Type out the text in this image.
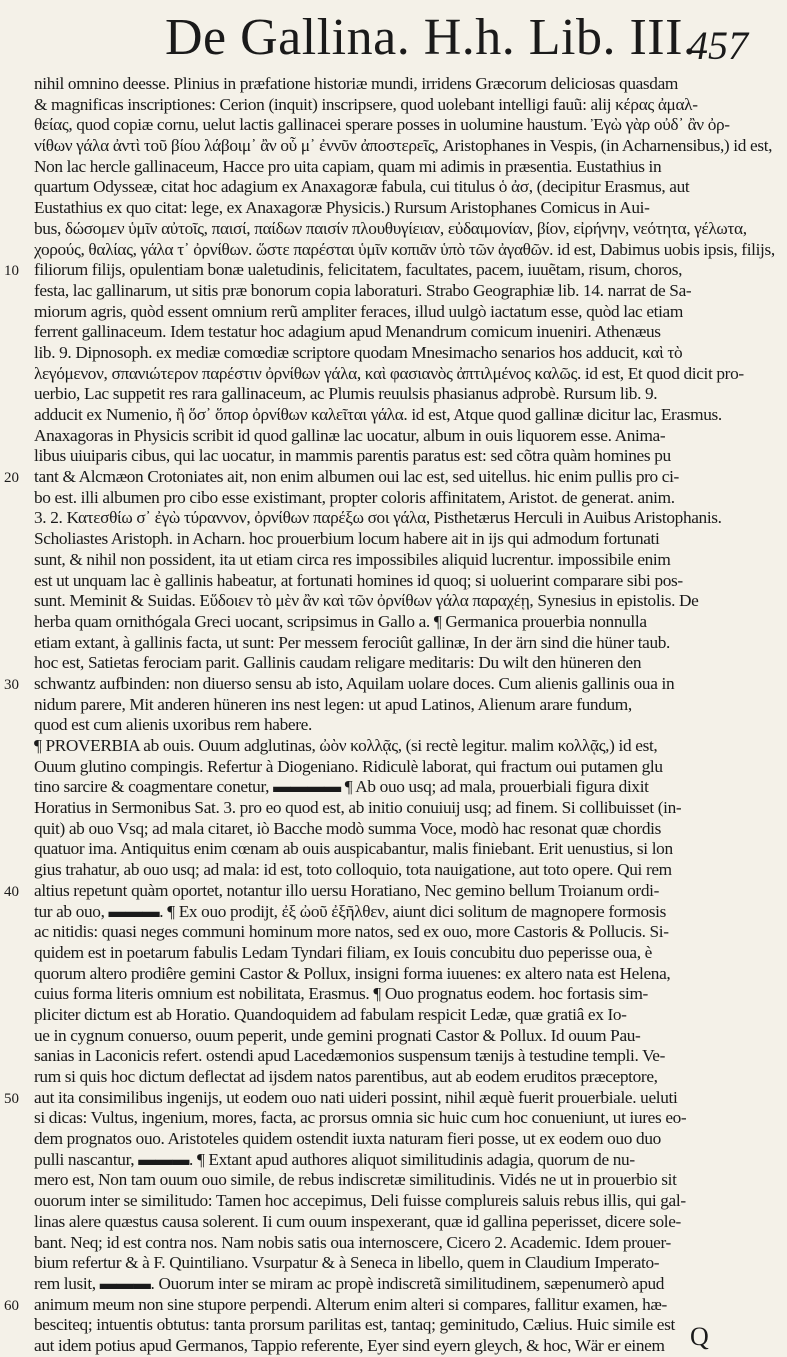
De Gallina. H.h. Lib. III.
457
nihil omnino deesse. Plinius in præfatione historiæ mundi, irridens Græcorum deliciosas quasdam
& magnificas inscriptiones: Cerion (inquit) inscripsere, quod uolebant intelligi fauũ: alij κέρας ἀμαλ-
θείας, quod copiæ cornu, uelut lactis gallinacei sperare posses in uolumine haustum. Ἐγὼ γὰρ οὐδ᾽ ἂν ὀρ-
νίθων γάλα ἀντὶ τοῦ βίου λάβοιμ᾽ ἂν οὗ μ᾽ ἐννῦν ἀποστερεῖς, Aristophanes in Vespis, (in Acharnensibus,) id est,
Non lac hercle gallinaceum, Hacce pro uita capiam, quam mi adimis in præsentia. Eustathius in
quartum Odysseæ, citat hoc adagium ex Anaxagoræ fabula, cui titulus ὁ ἀσ, (decipitur Erasmus, aut
Eustathius ex quo citat: lege, ex Anaxagoræ Physicis.) Rursum Aristophanes Comicus in Aui-
bus, δώσομεν ὑμῖν αὐτοῖς, παισί, παίδων παισίν πλουθυγίειαν, εὐδαιμονίαν, βίον, εἰρήνην, νεότητα, γέλωτα,
χορούς, θαλίας, γάλα τ᾽ ὀρνίθων. ὥστε παρέσται ὑμῖν κοπιᾶν ὑπὸ τῶν ἀγαθῶν. id est, Dabimus uobis ipsis, filijs,
10 filiorum filijs, opulentiam bonæ ualetudinis, felicitatem, facultates, pacem, iuuẽtam, risum, choros,
festa, lac gallinarum, ut sitis præ bonorum copia laboraturi. Strabo Geographiæ lib. 14. narrat de Sa-
miorum agris, quòd essent omnium rerũ ampliter feraces, illud uulgò iactatum esse, quòd lac etiam
ferrent gallinaceum. Idem testatur hoc adagium apud Menandrum comicum inueniri. Athenæus
lib. 9. Dipnosoph. ex mediæ comœdiæ scriptore quodam Mnesimacho senarios hos adducit, καὶ τὸ
λεγόμενον, σπανιώτερον παρέστιν ὀρνίθων γάλα, καὶ φασιανὸς ἀπτιλμένος καλῶς. id est, Et quod dicit pro-
uerbio, Lac suppetit res rara gallinaceum, ac Plumis reuulsis phasianus adprobè. Rursum lib. 9.
adducit ex Numenio, ἢ ὅσ᾽ ὅπορ ὀρνίθων καλεῖται γάλα. id est, Atque quod gallinæ dicitur lac, Erasmus.
Anaxagoras in Physicis scribit id quod gallinæ lac uocatur, album in ouis liquorem esse. Anima-
libus uiuiparis cibus, qui lac uocatur, in mammis parentis paratus est: sed cõtra quàm homines pu
20 tant & Alcmæon Crotoniates ait, non enim albumen oui lac est, sed uitellus. hic enim pullis pro ci-
bo est. illi albumen pro cibo esse existimant, propter coloris affinitatem, Aristot. de generat. anim.
3. 2. Κατεσθίω σ᾽ ἐγὼ τύραννον, ὀρνίθων παρέξω σοι γάλα, Pisthetærus Herculi in Auibus Aristophanis.
Scholiastes Aristoph. in Acharn. hoc prouerbium locum habere ait in ijs qui admodum fortunati
sunt, & nihil non possident, ita ut etiam circa res impossibiles aliquid lucrentur. impossibile enim
est ut unquam lac è gallinis habeatur, at fortunati homines id quoq; si uoluerint comparare sibi pos-
sunt. Meminit & Suidas. Εὕδοιεν τὸ μὲν ἂν καὶ τῶν ὀρνίθων γάλα παραχέῃ, Synesius in epistolis. De
herba quam ornithógala Greci uocant, scripsimus in Gallo a. ¶ Germanica prouerbia nonnulla
etiam extant, à gallinis facta, ut sunt: Per messem ferociût gallinæ, In der ärn sind die hüner taub.
hoc est, Satietas ferociam parit. Gallinis caudam religare meditaris: Du wilt den hüneren den
30 schwantz aufbinden: non diuerso sensu ab isto, Aquilam uolare doces. Cum alienis gallinis oua in
nidum parere, Mit anderen hüneren ins nest legen: ut apud Latinos, Alienum arare fundum,
quod est cum alienis uxoribus rem habere.
¶ PROVERBIA ab ouis. Ouum adglutinas, ὠὸν κολλᾷς, (si rectè legitur. malim κολλᾷς,) id est,
Ouum glutino compingis. Refertur à Diogeniano. Ridiculè laborat, qui fractum oui putamen glu
tino sarcire & coagmentare conetur, ▬▬▬▬ ¶ Ab ouo usq; ad mala, prouerbiali figura dixit
Horatius in Sermonibus Sat. 3. pro eo quod est, ab initio conuiuij usq; ad finem. Si collibuisset (in-
quit) ab ouo Vsq; ad mala citaret, iò Bacche modò summa Voce, modò hac resonat quæ chordis
quatuor ima. Antiquitus enim cœnam ab ouis auspicabantur, malis finiebant. Erit uenustius, si lon
gius trahatur, ab ouo usq; ad mala: id est, toto colloquio, tota nauigatione, aut toto opere. Qui rem
40 altius repetunt quàm oportet, notantur illo uersu Horatiano, Nec gemino bellum Troianum ordi-
tur ab ouo, ▬▬▬. ¶ Ex ouo prodijt, ἐξ ὠοῦ ἐξῆλθεν, aiunt dici solitum de magnopere formosis
ac nitidis: quasi neges communi hominum more natos, sed ex ouo, more Castoris & Pollucis. Si-
quidem est in poetarum fabulis Ledam Tyndari filiam, ex Iouis concubitu duo peperisse oua, è
quorum altero prodiêre gemini Castor & Pollux, insigni forma iuuenes: ex altero nata est Helena,
cuius forma literis omnium est nobilitata, Erasmus. ¶ Ouo prognatus eodem. hoc fortasis sim-
pliciter dictum est ab Horatio. Quandoquidem ad fabulam respicit Ledæ, quæ gratiâ ex Io-
ue in cygnum conuerso, ouum peperit, unde gemini prognati Castor & Pollux. Id ouum Pau-
sanias in Laconicis refert. ostendi apud Lacedæmonios suspensum tænijs à testudine templi. Ve-
rum si quis hoc dictum deflectat ad ijsdem natos parentibus, aut ab eodem eruditos præceptore,
50 aut ita consimilibus ingenijs, ut eodem ouo nati uideri possint, nihil æquè fuerit prouerbiale. ueluti
si dicas: Vultus, ingenium, mores, facta, ac prorsus omnia sic huic cum hoc conueniunt, ut iures eo-
dem prognatos ouo. Aristoteles quidem ostendit iuxta naturam fieri posse, ut ex eodem ouo duo
pulli nascantur, ▬▬▬. ¶ Extant apud authores aliquot similitudinis adagia, quorum de nu-
mero est, Non tam ouum ouo simile, de rebus indiscretæ similitudinis. Vidés ne ut in prouerbio sit
ouorum inter se similitudo: Tamen hoc accepimus, Deli fuisse complureis saluis rebus illis, qui gal-
linas alere quæstus causa solerent. Ii cum ouum inspexerant, quæ id gallina peperisset, dicere sole-
bant. Neq; id est contra nos. Nam nobis satis oua internoscere, Cicero 2. Academic. Idem prouer-
bium refertur & à F. Quintiliano. Vsurpatur & à Seneca in libello, quem in Claudium Imperato-
rem lusit, ▬▬▬. Ouorum inter se miram ac propè indiscretã similitudinem, sæpenumerò apud
60 animum meum non sine stupore perpendi. Alterum enim alteri si compares, fallitur examen, hæ-
besciteq; intuentis obtutus: tanta prorsum parilitas est, tantaq; geminitudo, Cælius. Huic simile est
aut idem potius apud Germanos, Tappio referente, Eyer sind eyern gleych, & hoc, Wär er einem Q
